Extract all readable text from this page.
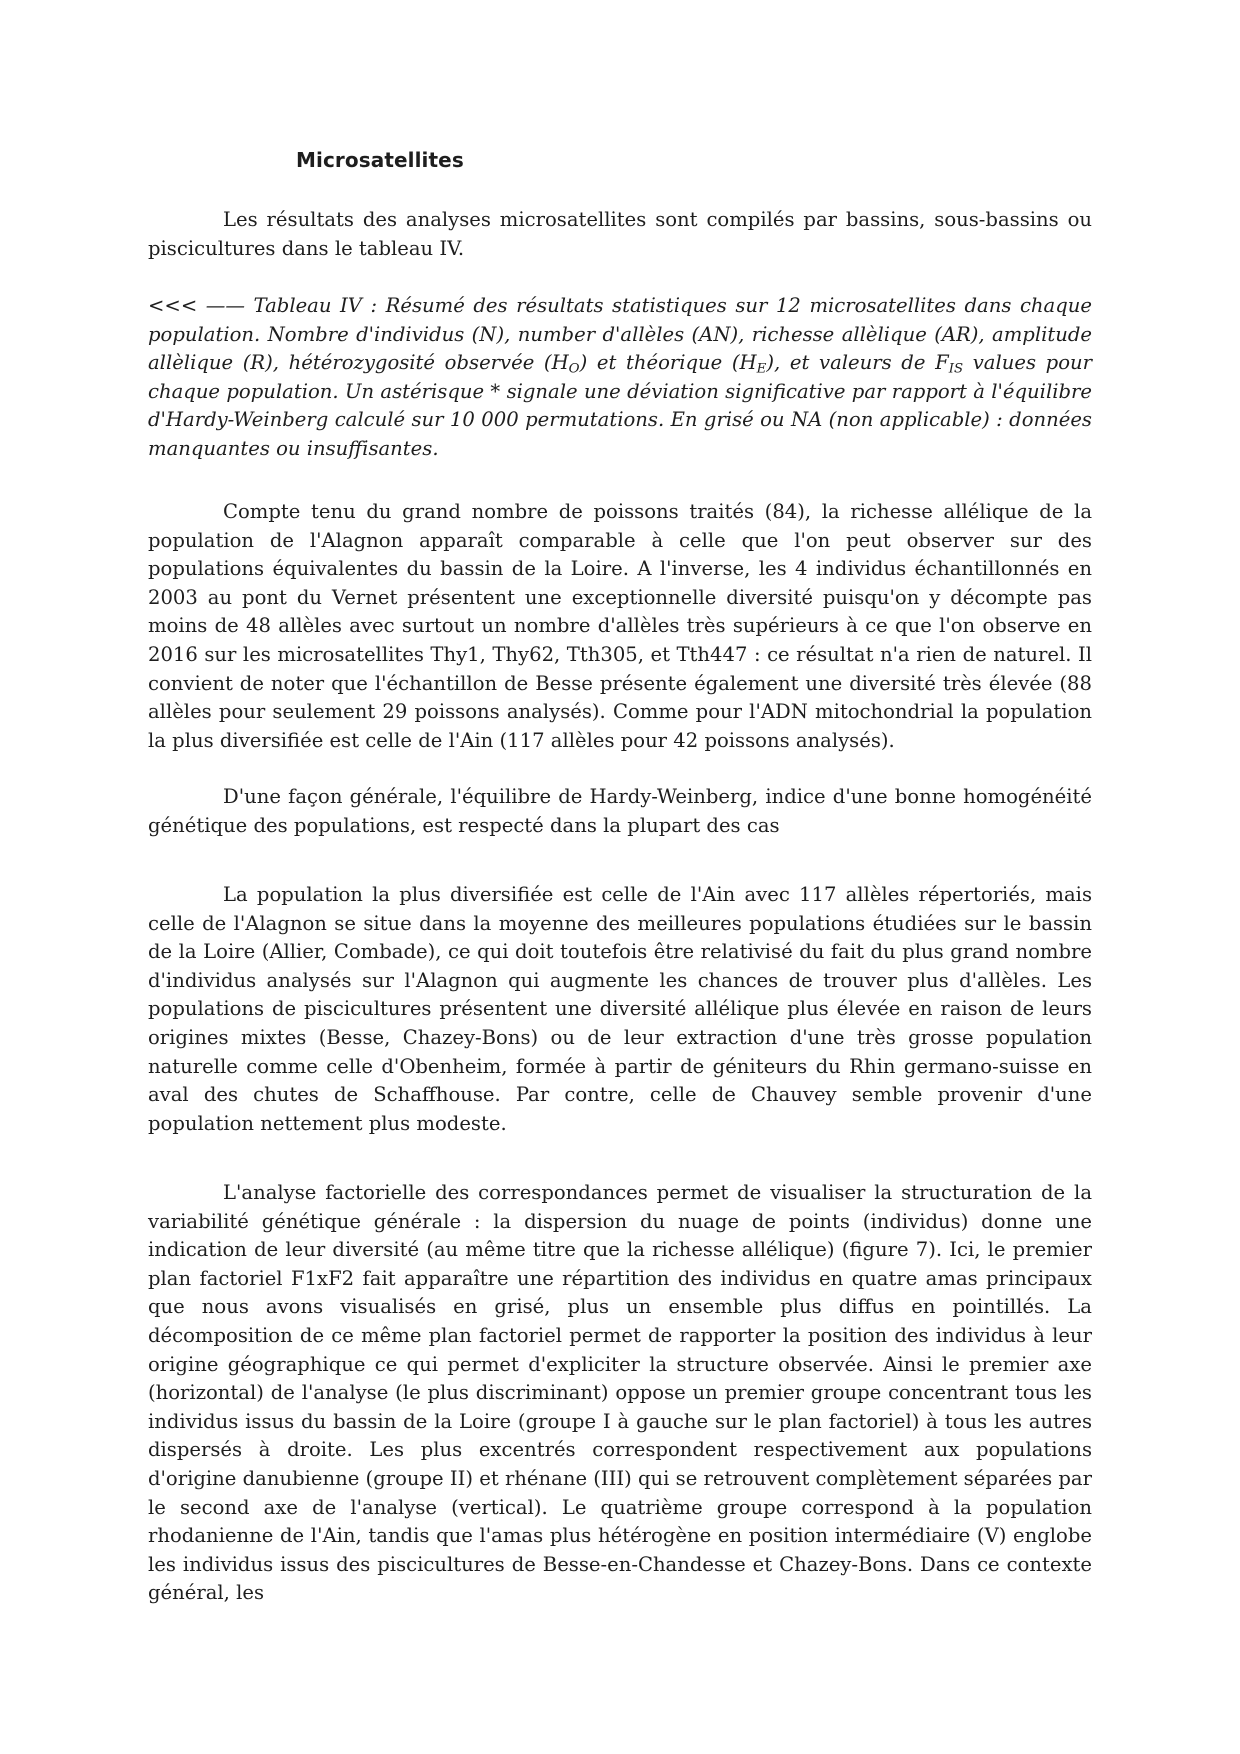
Microsatellites

Les résultats des analyses microsatellites sont compilés par bassins, sous-bassins ou piscicultures dans le tableau IV.

<<< —— Tableau IV : Résumé des résultats statistiques sur 12 microsatellites dans chaque population. Nombre d'individus (N), number d'allèles (AN), richesse allèlique (AR), amplitude allèlique (R), hétérozygosité observée $(H_O)$ et théorique $(H_E)$, et valeurs de $F_{IS}$ values pour chaque population. Un astérisque * signale une déviation significative par rapport à l'équilibre d'Hardy-Weinberg calculé sur 10 000 permutations. En grisé ou NA (non applicable) : données manquantes ou insuffisantes.

Compte tenu du grand nombre de poissons traités (84), la richesse allélique de la population de l'Alagnon apparaît comparable à celle que l'on peut observer sur des populations équivalentes du bassin de la Loire. A l'inverse, les 4 individus échantillonnés en 2003 au pont du Vernet présentent une exceptionnelle diversité puisqu'on y décompte pas moins de 48 allèles avec surtout un nombre d'allèles très supérieurs à ce que l'on observe en 2016 sur les microsatellites Thy1, Thy62, Tth305, et Tth447 : ce résultat n'a rien de naturel. Il convient de noter que l'échantillon de Besse présente également une diversité très élevée (88 allèles pour seulement 29 poissons analysés). Comme pour l'ADN mitochondrial la population la plus diversifiée est celle de l'Ain (117 allèles pour 42 poissons analysés).

D'une façon générale, l'équilibre de Hardy-Weinberg, indice d'une bonne homogénéité génétique des populations, est respecté dans la plupart des cas

La population la plus diversifiée est celle de l'Ain avec 117 allèles répertoriés, mais celle de l'Alagnon se situe dans la moyenne des meilleures populations étudiées sur le bassin de la Loire (Allier, Combade), ce qui doit toutefois être relativisé du fait du plus grand nombre d'individus analysés sur l'Alagnon qui augmente les chances de trouver plus d'allèles. Les populations de piscicultures présentent une diversité allélique plus élevée en raison de leurs origines mixtes (Besse, Chazey-Bons) ou de leur extraction d'une très grosse population naturelle comme celle d'Obenheim, formée à partir de géniteurs du Rhin germano-suisse en aval des chutes de Schaffhouse. Par contre, celle de Chauvey semble provenir d'une population nettement plus modeste.

L'analyse factorielle des correspondances permet de visualiser la structuration de la variabilité génétique générale : la dispersion du nuage de points (individus) donne une indication de leur diversité (au même titre que la richesse allélique) (figure 7). Ici, le premier plan factoriel F1xF2 fait apparaître une répartition des individus en quatre amas principaux que nous avons visualisés en grisé, plus un ensemble plus diffus en pointillés. La décomposition de ce même plan factoriel permet de rapporter la position des individus à leur origine géographique ce qui permet d'expliciter la structure observée. Ainsi le premier axe (horizontal) de l'analyse (le plus discriminant) oppose un premier groupe concentrant tous les individus issus du bassin de la Loire (groupe I à gauche sur le plan factoriel) à tous les autres dispersés à droite. Les plus excentrés correspondent respectivement aux populations d'origine danubienne (groupe II) et rhénane (III) qui se retrouvent complètement séparées par le second axe de l'analyse (vertical). Le quatrième groupe correspond à la population rhodanienne de l'Ain, tandis que l'amas plus hétérogène en position intermédiaire (V) englobe les individus issus des piscicultures de Besse-en-Chandesse et Chazey-Bons. Dans ce contexte général, les
